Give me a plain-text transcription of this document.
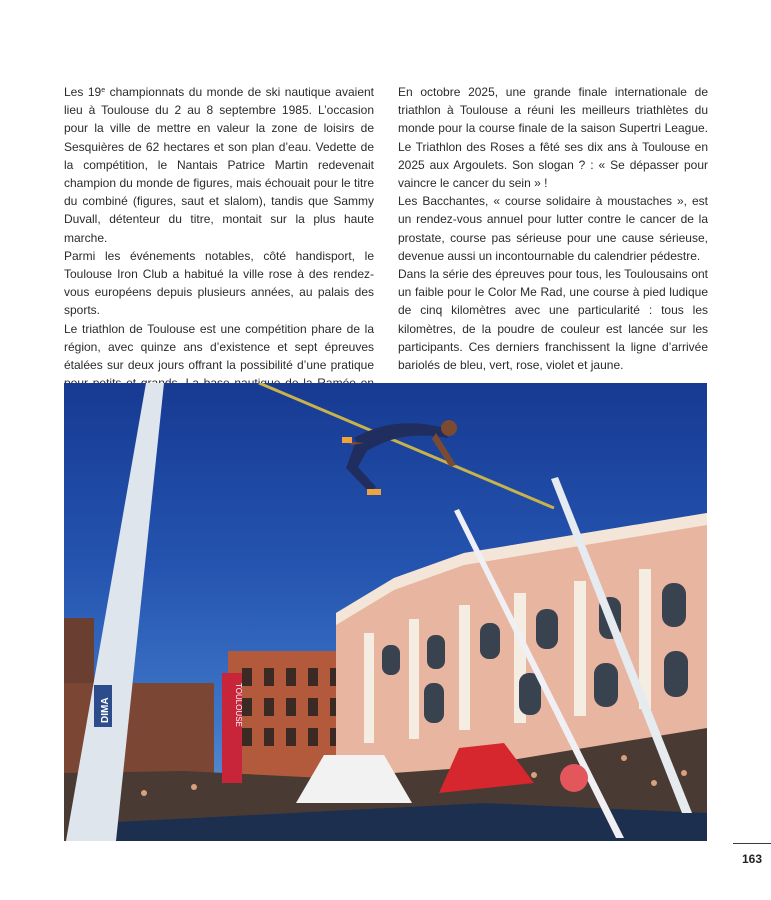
Les 19e championnats du monde de ski nautique avaient lieu à Toulouse du 2 au 8 septembre 1985. L’occasion pour la ville de mettre en valeur la zone de loisirs de Sesquières de 62 hectares et son plan d’eau. Vedette de la compétition, le Nantais Patrice Martin redevenait champion du monde de figures, mais échouait pour le titre du combiné (figures, saut et slalom), tandis que Sammy Duvall, détenteur du titre, montait sur la plus haute marche.

Parmi les événements notables, côté handisport, le Toulouse Iron Club a habitué la ville rose à des rendez-vous européens depuis plusieurs années, au palais des sports.

Le triathlon de Toulouse est une compétition phare de la région, avec quinze ans d’existence et sept épreuves étalées sur deux jours offrant la possibilité d’une pratique

En octobre 2025, une grande finale internationale de triathlon à Toulouse a réuni les meilleurs triathlètes du monde pour la course finale de la saison Supertri League. Le Triathlon des Roses a fêté ses dix ans à Toulouse en 2025 aux Argoulets. Son slogan ? : « Se dépasser pour vaincre le cancer du sein » !

Les Bacchantes, « course solidaire à moustaches », est un rendez-vous annuel pour lutter contre le cancer de la prostate, course pas sérieuse pour une cause sérieuse, devenue aussi un incontournable du calendrier pédestre.

Dans la série des épreuves pour tous, les Toulousains ont un faible pour le Color Me Rad, une course à pied ludique de cinq kilomètres avec une particularité : tous les kilomètres, de la poudre de couleur est lancée sur les participants. Ces derniers franchissent la ligne d’arrivée bariolés de bleu, vert, rose, violet et jaune.

TOULOUSE
DIMA
163
